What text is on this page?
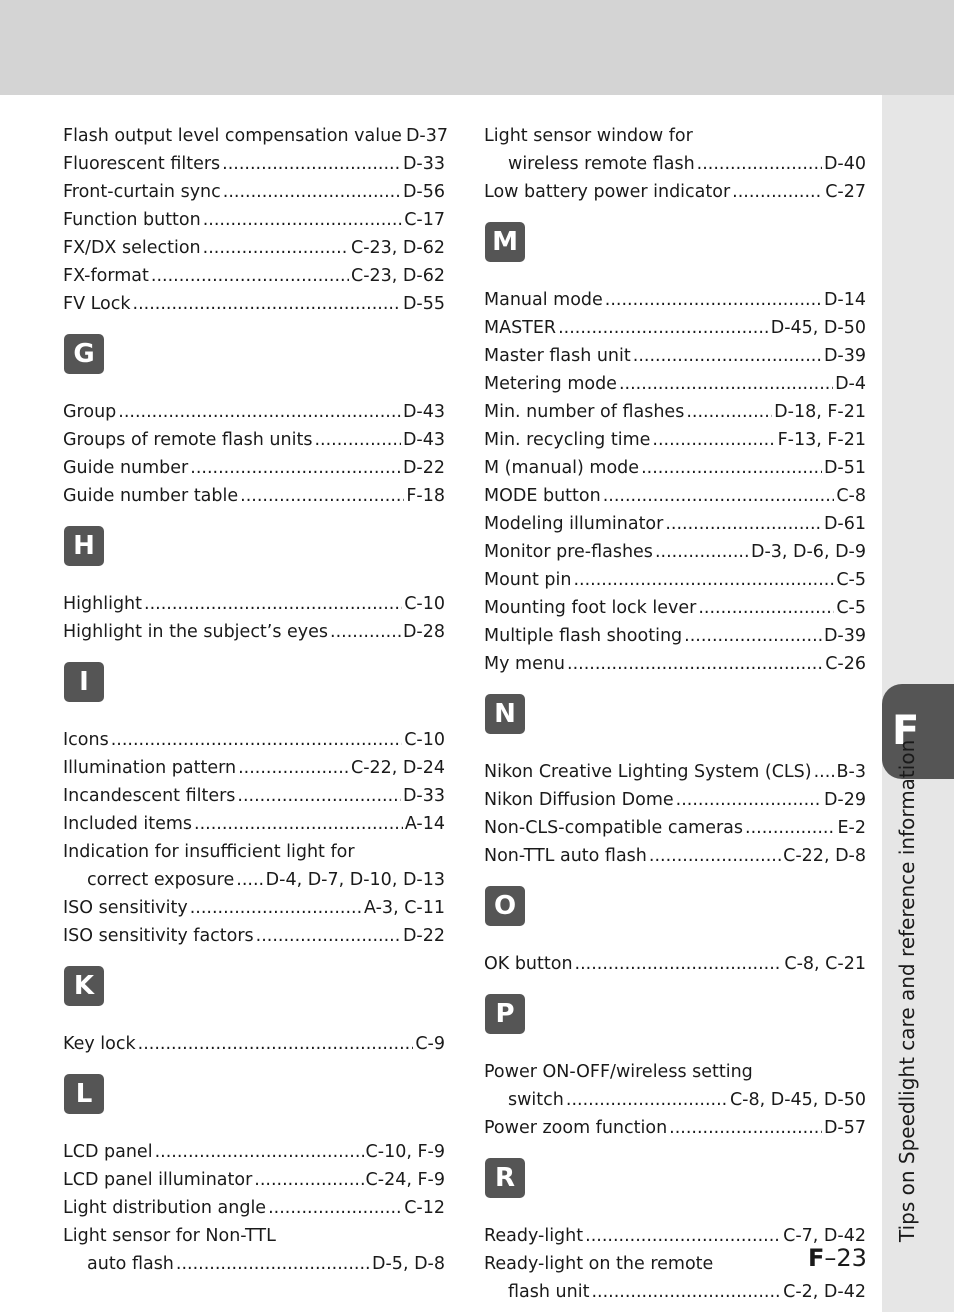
F
Tips on Speedlight care and reference information
Flash output level compensation value D-37
Fluorescent filters .....	D-33
Front-curtain sync .....	D-56
Function button .....	C-17
FX/DX selection .....	C-23, D-62
FX-format .....	C-23, D-62
FV Lock .....	D-55
G
Group .....	D-43
Groups of remote flash units .....	D-43
Guide number .....	D-22
Guide number table .....	F-18
H
Highlight .....	C-10
Highlight in the subject’s eyes .....	D-28
I
Icons .....	C-10
Illumination pattern .....	C-22, D-24
Incandescent filters .....	D-33
Included items .....	A-14
Indication for insufficient light for
correct exposure ..... D-4, D-7, D-10, D-13
ISO sensitivity .....	A-3, C-11
ISO sensitivity factors .....	D-22
K
Key lock .....	C-9
L
LCD panel .....	C-10, F-9
LCD panel illuminator .....	C-24, F-9
Light distribution angle .....	C-12
Light sensor for Non-TTL
auto flash .....	D-5, D-8
Light sensor window for
wireless remote flash .....	D-40
Low battery power indicator .....	C-27
M
Manual mode .....	D-14
MASTER .....	D-45, D-50
Master flash unit .....	D-39
Metering mode .....	D-4
Min. number of flashes .....	D-18, F-21
Min. recycling time .....	F-13, F-21
M (manual) mode .....	D-51
MODE button .....	C-8
Modeling illuminator .....	D-61
Monitor pre-flashes .....	D-3, D-6, D-9
Mount pin .....	C-5
Mounting foot lock lever .....	C-5
Multiple flash shooting .....	D-39
My menu .....	C-26
N
Nikon Creative Lighting System (CLS) ..... B-3
Nikon Diffusion Dome .....	D-29
Non-CLS-compatible cameras .....	E-2
Non-TTL auto flash .....	C-22, D-8
O
OK button .....	C-8, C-21
P
Power ON-OFF/wireless setting
switch .....	C-8, D-45, D-50
Power zoom function .....	D-57
R
Ready-light .....	C-7, D-42
Ready-light on the remote
flash unit .....	C-2, D-42
F–23
